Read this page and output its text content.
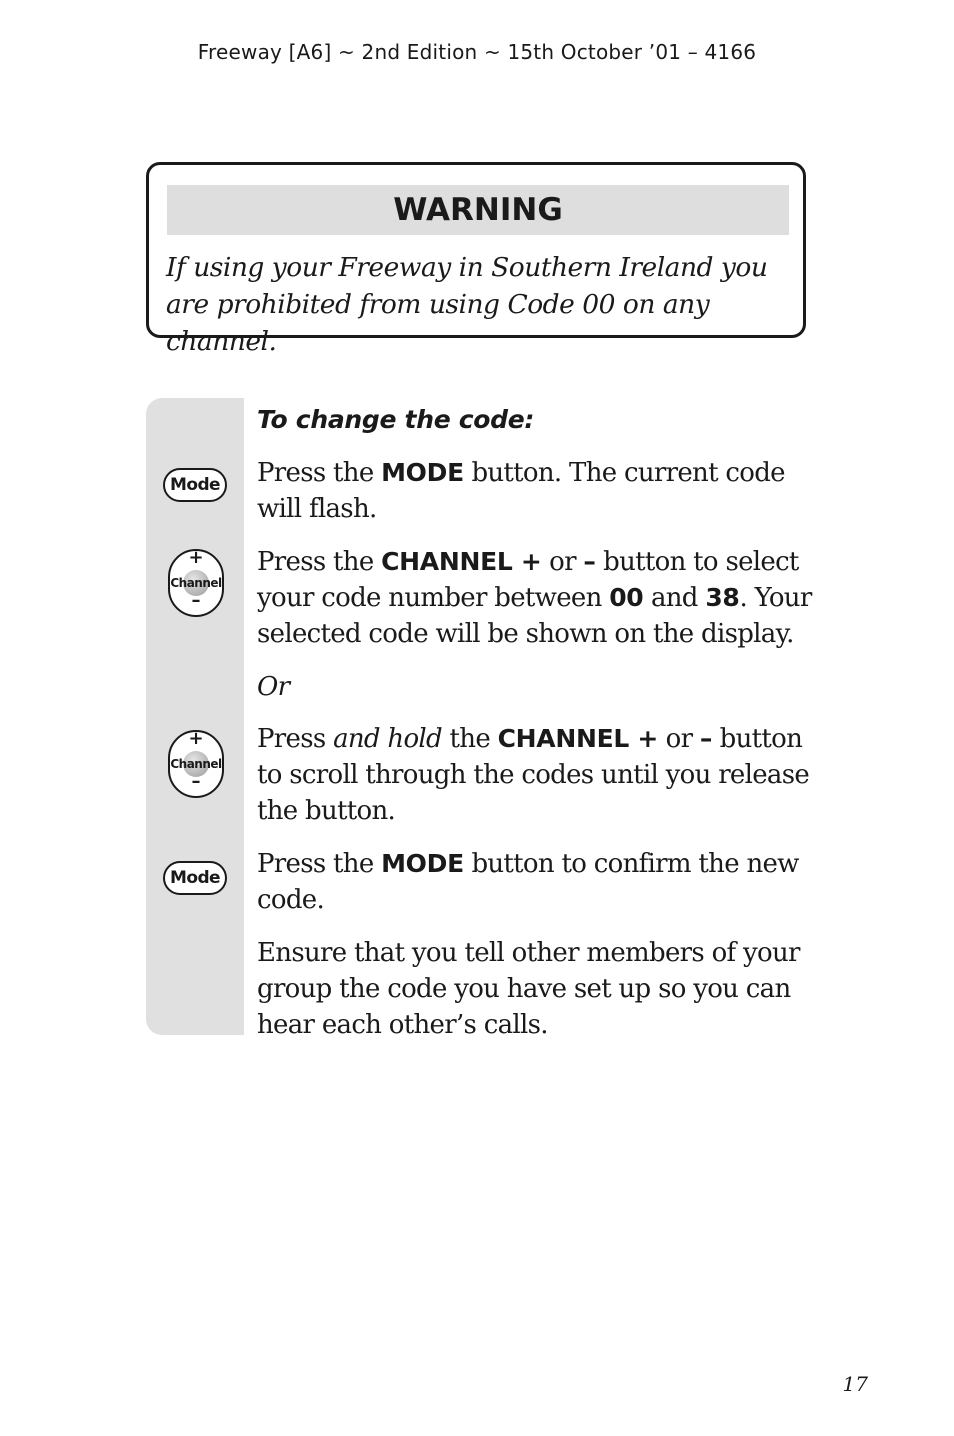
Freeway [A6] ~ 2nd Edition ~ 15th October ’01 – 4166
WARNING
If using your Freeway in Southern Ireland you are prohibited from using Code 00 on any channel.
Mode
+
Channel
–
+
Channel
–
Mode
To change the code:
Press the MODE button. The current code will flash.
Press the CHANNEL + or – button to select your code number between 00 and 38. Your selected code will be shown on the display.
Or
Press and hold the CHANNEL + or – button to scroll through the codes until you release the button.
Press the MODE button to confirm the new code.
Ensure that you tell other members of your group the code you have set up so you can hear each other’s calls.
17
